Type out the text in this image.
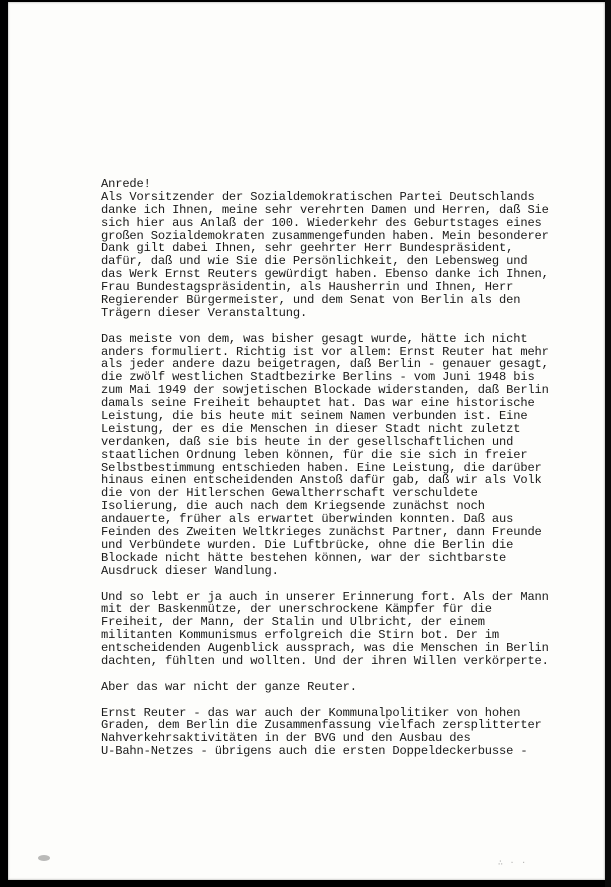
Anrede!
Als Vorsitzender der Sozialdemokratischen Partei Deutschlands
danke ich Ihnen, meine sehr verehrten Damen und Herren, daß Sie
sich hier aus Anlaß der 100. Wiederkehr des Geburtstages eines
großen Sozialdemokraten zusammengefunden haben. Mein besonderer
Dank gilt dabei Ihnen, sehr geehrter Herr Bundespräsident,
dafür, daß und wie Sie die Persönlichkeit, den Lebensweg und
das Werk Ernst Reuters gewürdigt haben. Ebenso danke ich Ihnen,
Frau Bundestagspräsidentin, als Hausherrin und Ihnen, Herr
Regierender Bürgermeister, und dem Senat von Berlin als den
Trägern dieser Veranstaltung.
Das meiste von dem, was bisher gesagt wurde, hätte ich nicht
anders formuliert. Richtig ist vor allem: Ernst Reuter hat mehr
als jeder andere dazu beigetragen, daß Berlin - genauer gesagt,
die zwölf westlichen Stadtbezirke Berlins - vom Juni 1948 bis
zum Mai 1949 der sowjetischen Blockade widerstanden, daß Berlin
damals seine Freiheit behauptet hat. Das war eine historische
Leistung, die bis heute mit seinem Namen verbunden ist. Eine
Leistung, der es die Menschen in dieser Stadt nicht zuletzt
verdanken, daß sie bis heute in der gesellschaftlichen und
staatlichen Ordnung leben können, für die sie sich in freier
Selbstbestimmung entschieden haben. Eine Leistung, die darüber
hinaus einen entscheidenden Anstoß dafür gab, daß wir als Volk
die von der Hitlerschen Gewaltherrschaft verschuldete
Isolierung, die auch nach dem Kriegsende zunächst noch
andauerte, früher als erwartet überwinden konnten. Daß aus
Feinden des Zweiten Weltkrieges zunächst Partner, dann Freunde
und Verbündete wurden. Die Luftbrücke, ohne die Berlin die
Blockade nicht hätte bestehen können, war der sichtbarste
Ausdruck dieser Wandlung.
Und so lebt er ja auch in unserer Erinnerung fort. Als der Mann
mit der Baskenmütze, der unerschrockene Kämpfer für die
Freiheit, der Mann, der Stalin und Ulbricht, der einem
militanten Kommunismus erfolgreich die Stirn bot. Der im
entscheidenden Augenblick aussprach, was die Menschen in Berlin
dachten, fühlten und wollten. Und der ihren Willen verkörperte.
Aber das war nicht der ganze Reuter.
Ernst Reuter - das war auch der Kommunalpolitiker von hohen
Graden, dem Berlin die Zusammenfassung vielfach zersplitterter
Nahverkehrsaktivitäten in der BVG und den Ausbau des
U-Bahn-Netzes - übrigens auch die ersten Doppeldeckerbusse -
∴ · ·
